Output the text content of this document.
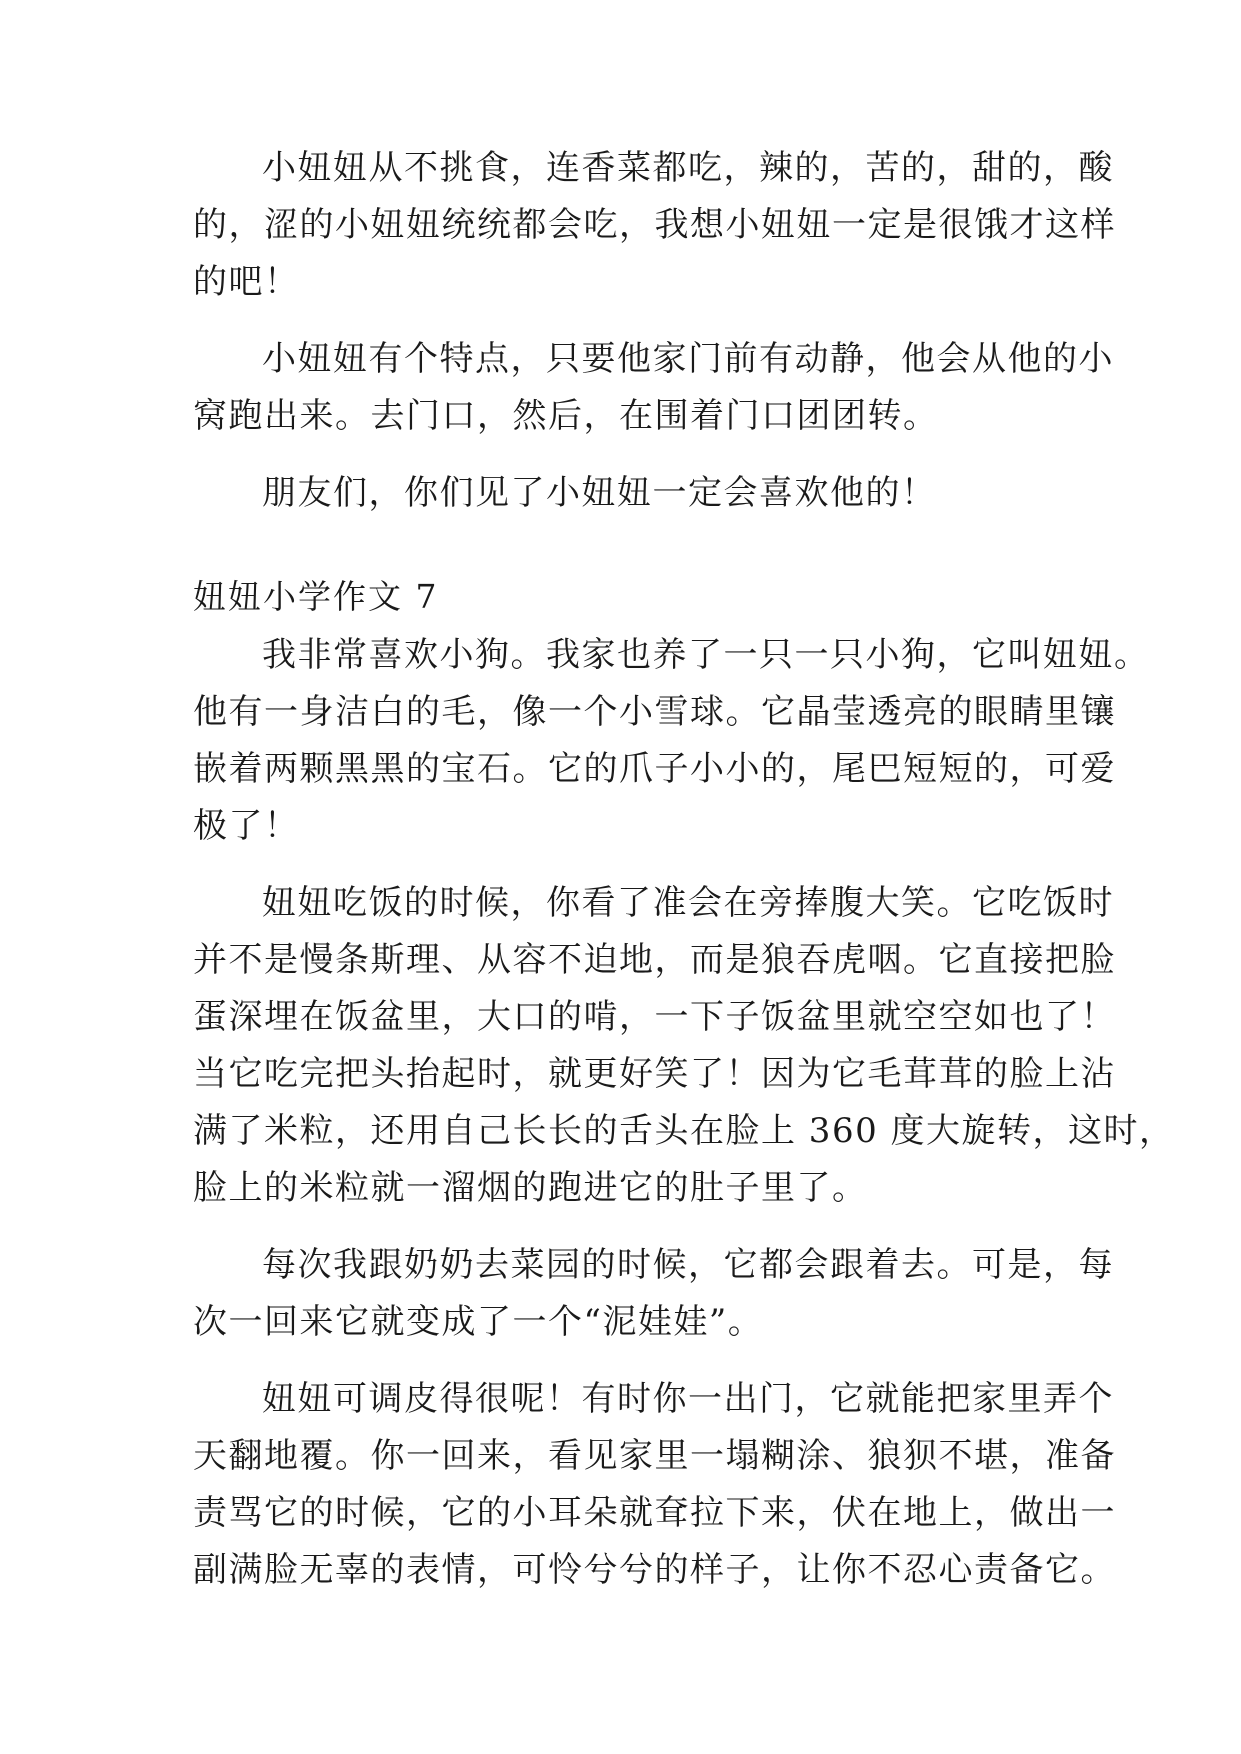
小妞妞从不挑食，连香菜都吃，辣的，苦的，甜的，酸
的，涩的小妞妞统统都会吃，我想小妞妞一定是很饿才这样
的吧！
小妞妞有个特点，只要他家门前有动静，他会从他的小
窝跑出来。去门口，然后，在围着门口团团转。
朋友们，你们见了小妞妞一定会喜欢他的！
妞妞小学作文 7
我非常喜欢小狗。我家也养了一只一只小狗，它叫妞妞。
他有一身洁白的毛，像一个小雪球。它晶莹透亮的眼睛里镶
嵌着两颗黑黑的宝石。它的爪子小小的，尾巴短短的，可爱
极了！
妞妞吃饭的时候，你看了准会在旁捧腹大笑。它吃饭时
并不是慢条斯理、从容不迫地，而是狼吞虎咽。它直接把脸
蛋深埋在饭盆里，大口的啃，一下子饭盆里就空空如也了！
当它吃完把头抬起时，就更好笑了！因为它毛茸茸的脸上沾
满了米粒，还用自己长长的舌头在脸上 360 度大旋转，这时，
脸上的米粒就一溜烟的跑进它的肚子里了。
每次我跟奶奶去菜园的时候，它都会跟着去。可是，每
次一回来它就变成了一个“泥娃娃”。
妞妞可调皮得很呢！有时你一出门，它就能把家里弄个
天翻地覆。你一回来，看见家里一塌糊涂、狼狈不堪，准备
责骂它的时候，它的小耳朵就耷拉下来，伏在地上，做出一
副满脸无辜的表情，可怜兮兮的样子，让你不忍心责备它。
